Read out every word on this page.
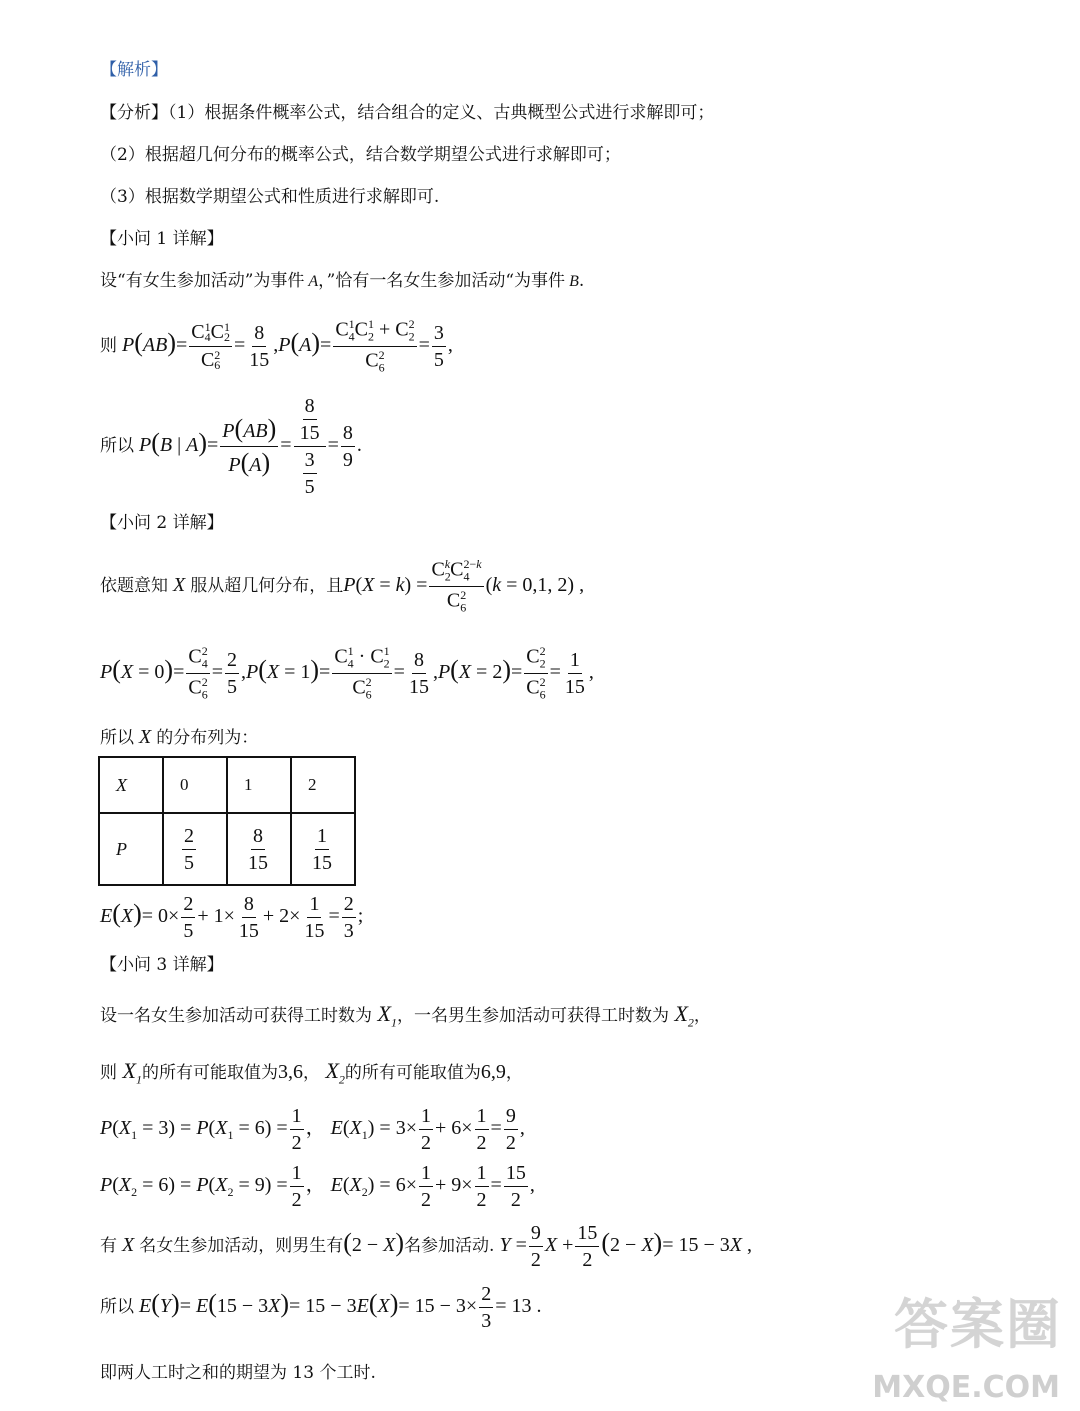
【解析】
【分析】（1）根据条件概率公式，结合组合的定义、古典概型公式进行求解即可；
（2）根据超几何分布的概率公式，结合数学期望公式进行求解即可；
（3）根据数学期望公式和性质进行求解即可.
【小问 1 详解】
设“有女生参加活动”为事件 A，”恰有一名女生参加活动“为事件 B.
则 $P(AB)= \frac{C_4^1C_2^1}{C_6^2} = \frac{8}{15} ,P(A)= \frac{C_4^1C_2^1 + C_2^2}{C_6^2} = \frac{3}{5}$ ,
所以 P(B | $A)= \frac{P(AB)}{P(A)} = \frac{\frac{8}{15}}{\frac{3}{5}} = \frac{8}{9}$ .
【小问 2 详解】
依题意知 X 服从超几何分布，且$P(X = k) = \frac{C_2^kC_4^{2-k}}{C_6^2} (k = 0,1$, 2) ,
$P(X = 0)= \frac{C_4^2}{C_6^2} = \frac{2}{5} ,P(X = 1)= \frac{C_4^1 \cdot C_2^1}{C_6^2} = \frac{8}{15} ,P(X = 2)= \frac{C_2^2}{C_6^2} = \frac{1}{15}$ ,
所以 X 的分布列为：
X	0	1	2
P	$\frac{2}{5}$	$\frac{8}{15}$	$\frac{1}{15}$
$E(X)= 0\times \frac{2}{5} + 1\times \frac{8}{15} + 2\times \frac{1}{15} = \frac{2}{3}$ ;
【小问 3 详解】
设一名女生参加活动可获得工时数为 $X_1$，一名男生参加活动可获得工时数为 $X_2$，
则 $X_1$的所有可能取值为3,6， $X_2$的所有可能取值为6,9，
$P(X_1 = 3) = P(X_1 = 6) = \frac{1}{2}$ ， $E(X_1) = 3\times \frac{1}{2} + 6\times \frac{1}{2} = \frac{9}{2}$ ,
$P(X_2 = 6) = P(X_2 = 9) = \frac{1}{2}$ ， $E(X_2) = 6\times \frac{1}{2} + 9\times \frac{1}{2} = \frac{15}{2}$ ,
有 X 名女生参加活动，则男生有(2 − X)名参加活动. $Y = \frac{9}{2}$ $X + \frac{15}{2} (2 - X)= 15 - 3X$ ,
所以 $E(Y)= E(15 - 3X)= 15 - 3E(X)= 15 - 3\times \frac{2}{3} = 13$ .
即两人工时之和的期望为 13 个工时.
答案圈
MXQE.COM
